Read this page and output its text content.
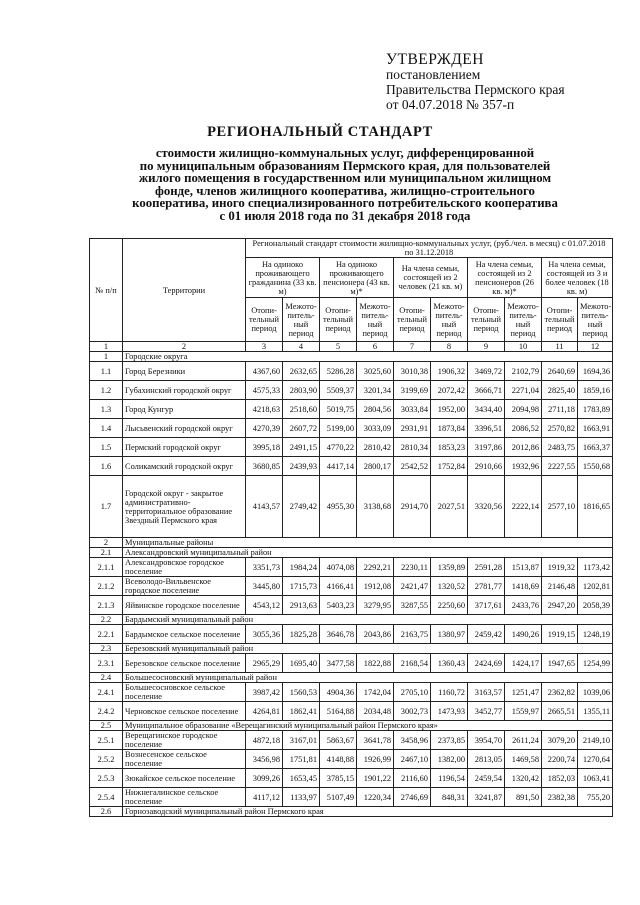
УТВЕРЖДЕН
постановлением
Правительства Пермского края
от 04.07.2018 № 357-п
РЕГИОНАЛЬНЫЙ СТАНДАРТ
стоимости жилищно-коммунальных услуг, дифференцированной
по муниципальным образованиям Пермского края, для пользователей
жилого помещения в государственном или муниципальном жилищном
фонде, членов жилищного кооператива, жилищно-строительного
кооператива, иного специализированного потребительского кооператива
с 01 июля 2018 года по 31 декабря 2018 года
№ п/п	Территории	Региональный стандарт стоимости жилищно-коммунальных услуг, (руб./чел. в месяц) с 01.07.2018 по 31.12.2018									
		На одиноко проживающего гражданина (33 кв. м)		На одиноко проживающего пенсионера (43 кв. м)*		На члена семьи, состоящей из 2 человек (21 кв. м)		На члена семьи, состоящей из 2 пенсионеров (26 кв. м)*		На члена семьи, состоящей из 3 и более человек (18 кв. м)	
		Отопи-тельный период	Межото-питель-ный период	Отопи-тельный период	Межото-питель-ный период	Отопи-тельный период	Межото-питель-ный период	Отопи-тельный период	Межото-питель-ный период	Отопи-тельный период	Межото-питель-ный период
1	2	3	4	5	6	7	8	9	10	11	12
1	Городские округа										
1.1	Город Березники	4367,60	2632,65	5286,28	3025,60	3010,38	1906,32	3469,72	2102,79	2640,69	1694,36
1.2	Губахинский городской округ	4575,33	2803,90	5509,37	3201,34	3199,69	2072,42	3666,71	2271,04	2825,40	1859,16
1.3	Город Кунгур	4218,63	2518,60	5019,75	2804,56	3033,84	1952,00	3434,40	2094,98	2711,18	1783,89
1.4	Лысьвенский городской округ	4270,39	2607,72	5199,00	3033,09	2931,91	1873,84	3396,51	2086,52	2570,82	1663,91
1.5	Пермский городской округ	3995,18	2491,15	4770,22	2810,42	2810,34	1853,23	3197,86	2012,86	2483,75	1663,37
1.6	Соликамский городской округ	3680,85	2439,93	4417,14	2800,17	2542,52	1752,84	2910,66	1932,96	2227,55	1550,68
1.7	Городской округ - закрытое административно-территориальное образование Звездный Пермского края	4143,57	2749,42	4955,30	3138,68	2914,70	2027,51	3320,56	2222,14	2577,10	1816,65
2	Муниципальные районы										
2.1	Александровский муниципальный район										
2.1.1	Александровское городское поселение	3351,73	1984,24	4074,08	2292,21	2230,11	1359,89	2591,28	1513,87	1919,32	1173,42
2.1.2	Всеволодо-Вильвенское городское поселение	3445,80	1715,73	4166,41	1912,08	2421,47	1320,52	2781,77	1418,69	2146,48	1202,81
2.1.3	Яйвинское городское поселение	4543,12	2913,63	5403,23	3279,95	3287,55	2250,60	3717,61	2433,76	2947,20	2058,39
2.2	Бардымский муниципальный район										
2.2.1	Бардымское сельское поселение	3055,36	1825,28	3646,78	2043,86	2163,75	1380,97	2459,42	1490,26	1919,15	1248,19
2.3	Березовский муниципальный район										
2.3.1	Березовское сельское поселение	2965,29	1695,40	3477,58	1822,88	2168,54	1360,43	2424,69	1424,17	1947,65	1254,99
2.4	Большесосновский муниципальный район										
2.4.1	Большесосновское сельское поселение	3987,42	1560,53	4904,36	1742,04	2705,10	1160,72	3163,57	1251,47	2362,82	1039,06
2.4.2	Черновское сельское поселение	4264,81	1862,41	5164,88	2034,48	3002,73	1473,93	3452,77	1559,97	2665,51	1355,11
2.5	Муниципальное образование «Верещагинский муниципальный район Пермского края»										
2.5.1	Верещагинское городское поселение	4872,18	3167,01	5863,67	3641,78	3458,96	2373,85	3954,70	2611,24	3079,20	2149,10
2.5.2	Вознесенское сельское поселение	3456,98	1751,81	4148,88	1926,99	2467,10	1382,00	2813,05	1469,58	2200,74	1270,64
2.5.3	Зюкайское сельское поселение	3099,26	1653,45	3785,15	1901,22	2116,60	1196,54	2459,54	1320,42	1852,03	1063,41
2.5.4	Нижнегалинское сельское поселение	4117,12	1133,97	5107,49	1220,34	2746,69	848,31	3241,87	891,50	2382,38	755,20
2.6	Горнозаводский муниципальный район Пермского края										
